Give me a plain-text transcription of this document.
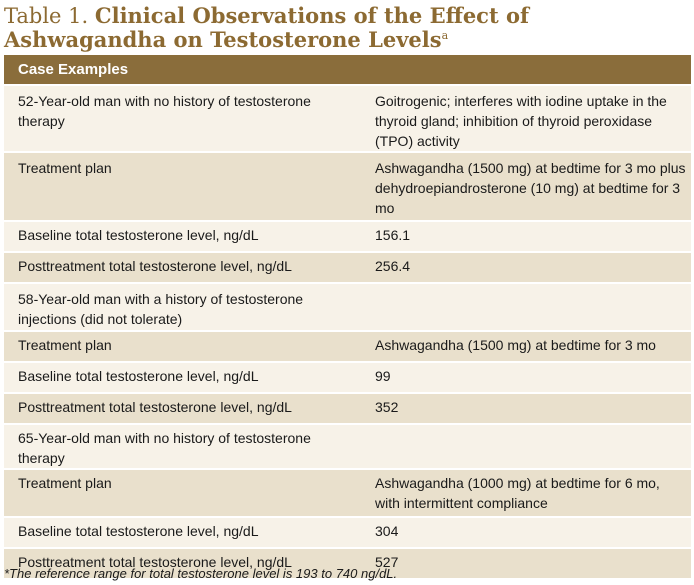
Table 1. Clinical Observations of the Effect of Ashwagandha on Testosterone Levels$^a$
Case Examples	
52-Year-old man with no history of testosterone therapy	Goitrogenic; interferes with iodine uptake in the thyroid gland; inhibition of thyroid peroxidase (TPO) activity
Treatment plan	Ashwagandha (1500 mg) at bedtime for 3 mo plus dehydroepiandrosterone (10 mg) at bedtime for 3 mo
Baseline total testosterone level, ng/dL	156.1
Posttreatment total testosterone level, ng/dL	256.4
58-Year-old man with a history of testosterone injections (did not tolerate)	
Treatment plan	Ashwagandha (1500 mg) at bedtime for 3 mo
Baseline total testosterone level, ng/dL	99
Posttreatment total testosterone level, ng/dL	352
65-Year-old man with no history of testosterone therapy	
Treatment plan	Ashwagandha (1000 mg) at bedtime for 6 mo, with intermittent compliance
Baseline total testosterone level, ng/dL	304
Posttreatment total testosterone level, ng/dL	527
*The reference range for total testosterone level is 193 to 740 ng/dL.
